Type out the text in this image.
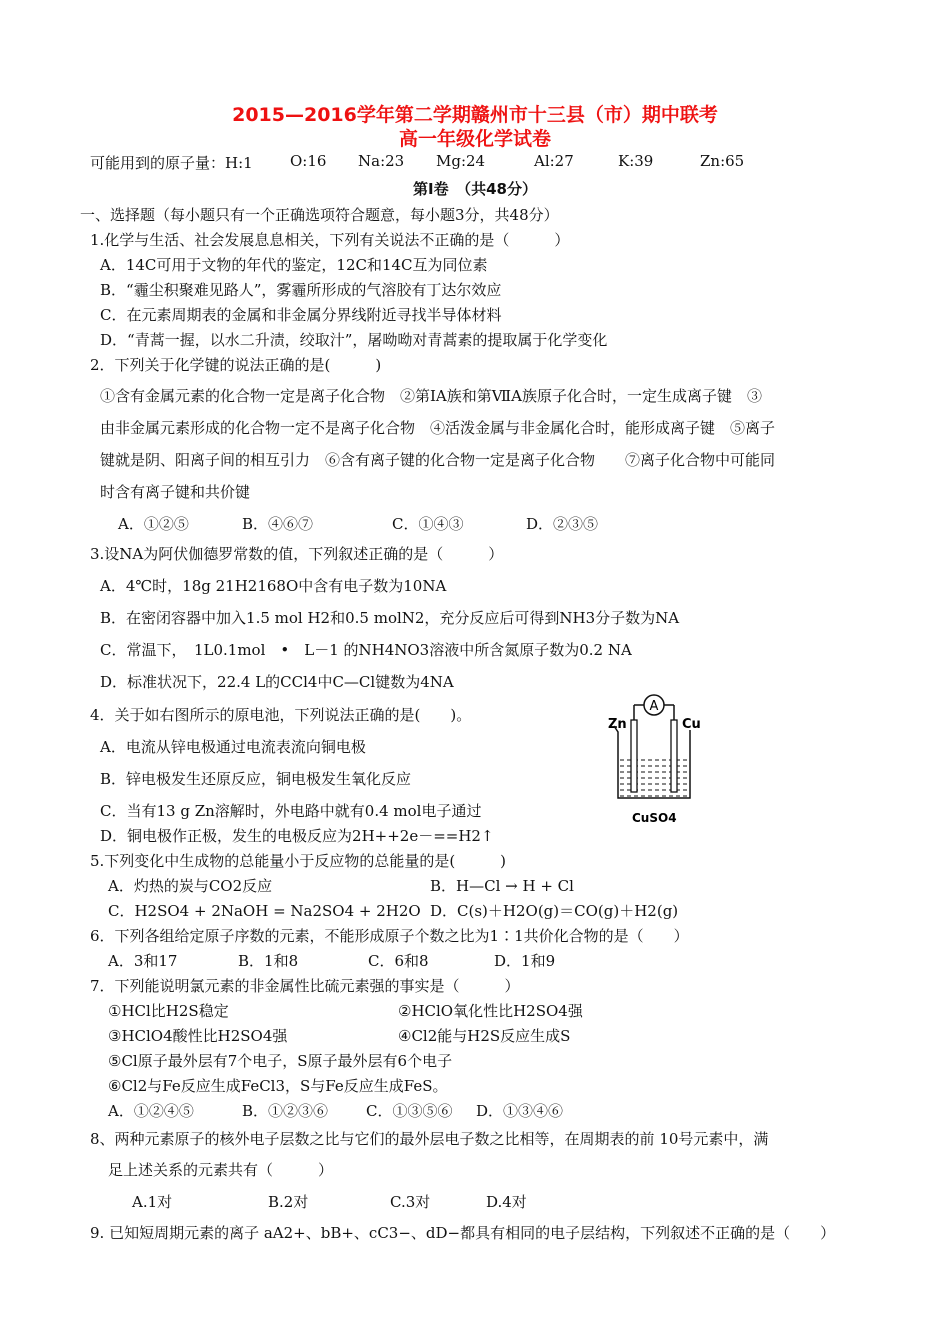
2015—2016学年第二学期赣州市十三县（市）期中联考
高一年级化学试卷
可能用到的原子量：H:1 O:16 Na:23 Mg:24	Al:27	K:39	Zn:65
第Ⅰ卷　（共48分）
一、选择题（每小题只有一个正确选项符合题意，每小题3分，共48分）
1.化学与生活、社会发展息息相关，下列有关说法不正确的是（　　　）
A．14C可用于文物的年代的鉴定，12C和14C互为同位素
B．“霾尘积聚难见路人”，雾霾所形成的气溶胶有丁达尔效应
C．在元素周期表的金属和非金属分界线附近寻找半导体材料
D．“青蒿一握，以水二升渍，绞取汁”，屠呦呦对青蒿素的提取属于化学变化
2．下列关于化学键的说法正确的是(　　　)
①含有金属元素的化合物一定是离子化合物　②第ⅠA族和第ⅦA族原子化合时，一定生成离子键　③
由非金属元素形成的化合物一定不是离子化合物　④活泼金属与非金属化合时，能形成离子键　⑤离子
键就是阴、阳离子间的相互引力　⑥含有离子键的化合物一定是离子化合物　　⑦离子化合物中可能同
时含有离子键和共价键
A．①②⑤	B．④⑥⑦	C．①④③	D．②③⑤
3.设NA为阿伏伽德罗常数的值，下列叙述正确的是（　　　）
A．4℃时，18g 21H2168O中含有电子数为10NA
B．在密闭容器中加入1.5 mol H2和0.5 molN2，充分反应后可得到NH3分子数为NA
C．常温下，　1L0.1mol　•　L－1 的NH4NO3溶液中所含氮原子数为0.2 NA
D．标准状况下，22.4 L的CCl4中C—Cl键数为4NA
4．关于如右图所示的原电池，下列说法正确的是(　　)。
A．电流从锌电极通过电流表流向铜电极
B．锌电极发生还原反应，铜电极发生氧化反应
C．当有13 g Zn溶解时，外电路中就有0.4 mol电子通过
D．铜电极作正极，发生的电极反应为2H++2e－==H2↑
A
Zn	Cu
CuSO4
5.下列变化中生成物的总能量小于反应物的总能量的是(　　　)
A．灼热的炭与CO2反应	B．H—Cl → H + Cl
C．H2SO4 + 2NaOH = Na2SO4 + 2H2O D．C(s)＋H2O(g)＝CO(g)＋H2(g)
6．下列各组给定原子序数的元素，不能形成原子个数之比为1∶1共价化合物的是（　　）
A．3和17	B．1和8	C．6和8	D．1和9
7．下列能说明氯元素的非金属性比硫元素强的事实是（　　　）
①HCl比H2S稳定	②HClO氧化性比H2SO4强
③HClO4酸性比H2SO4强	④Cl2能与H2S反应生成S
⑤Cl原子最外层有7个电子，S原子最外层有6个电子
⑥Cl2与Fe反应生成FeCl3，S与Fe反应生成FeS。
A．①②④⑤	B．①②③⑥	C．①③⑤⑥ D．①③④⑥
8、两种元素原子的核外电子层数之比与它们的最外层电子数之比相等，在周期表的前 10号元素中，满
足上述关系的元素共有（　　　）
A.1对	B.2对	C.3对	D.4对
9. 已知短周期元素的离子 aA2+、bB+、cC3−、dD−都具有相同的电子层结构，下列叙述不正确的是（　　）
